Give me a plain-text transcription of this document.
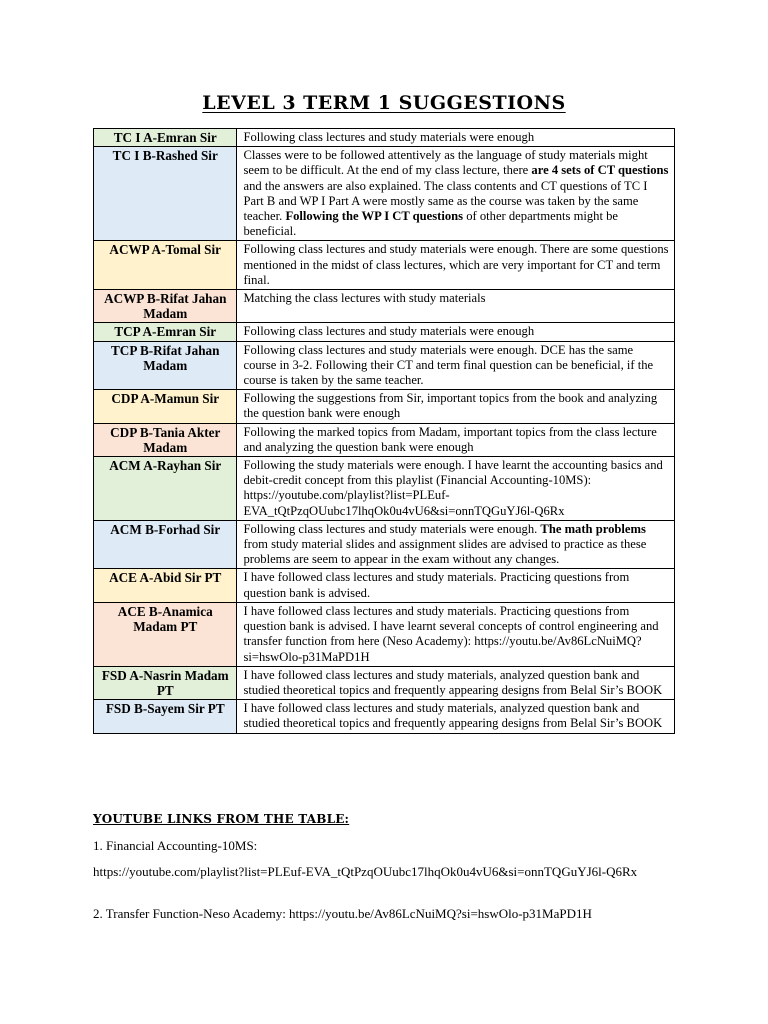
LEVEL 3 TERM 1 SUGGESTIONS
TC I A-Emran Sir	Following class lectures and study materials were enough
TC I B-Rashed Sir	Classes were to be followed attentively as the language of study materials might seem to be difficult. At the end of my class lecture, there are 4 sets of CT questions and the answers are also explained. The class contents and CT questions of TC I Part B and WP I Part A were mostly same as the course was taken by the same teacher. Following the WP I CT questions of other departments might be beneficial.
ACWP A-Tomal Sir	Following class lectures and study materials were enough. There are some questions mentioned in the midst of class lectures, which are very important for CT and term final.
ACWP B-Rifat Jahan Madam	Matching the class lectures with study materials
TCP A-Emran Sir	Following class lectures and study materials were enough
TCP B-Rifat Jahan Madam	Following class lectures and study materials were enough. DCE has the same course in 3-2. Following their CT and term final question can be beneficial, if the course is taken by the same teacher.
CDP A-Mamun Sir	Following the suggestions from Sir, important topics from the book and analyzing the question bank were enough
CDP B-Tania Akter Madam	Following the marked topics from Madam, important topics from the class lecture and analyzing the question bank were enough
ACM A-Rayhan Sir	Following the study materials were enough. I have learnt the accounting basics and debit-credit concept from this playlist (Financial Accounting-10MS): https://youtube.com/playlist?list=PLEuf-EVA_tQtPzqOUubc17lhqOk0u4vU6&si=onnTQGuYJ6l-Q6Rx
ACM B-Forhad Sir	Following class lectures and study materials were enough. The math problems from study material slides and assignment slides are advised to practice as these problems are seem to appear in the exam without any changes.
ACE A-Abid Sir PT	I have followed class lectures and study materials. Practicing questions from question bank is advised.
ACE B-Anamica Madam PT	I have followed class lectures and study materials. Practicing questions from question bank is advised. I have learnt several concepts of control engineering and transfer function from here (Neso Academy): https://youtu.be/Av86LcNuiMQ?si=hswOlo-p31MaPD1H
FSD A-Nasrin Madam PT	I have followed class lectures and study materials, analyzed question bank and studied theoretical topics and frequently appearing designs from Belal Sir’s BOOK
FSD B-Sayem Sir PT	I have followed class lectures and study materials, analyzed question bank and studied theoretical topics and frequently appearing designs from Belal Sir’s BOOK
YOUTUBE LINKS FROM THE TABLE:
1. Financial Accounting-10MS:
https://youtube.com/playlist?list=PLEuf-EVA_tQtPzqOUubc17lhqOk0u4vU6&si=onnTQGuYJ6l-Q6Rx
2. Transfer Function-Neso Academy: https://youtu.be/Av86LcNuiMQ?si=hswOlo-p31MaPD1H
